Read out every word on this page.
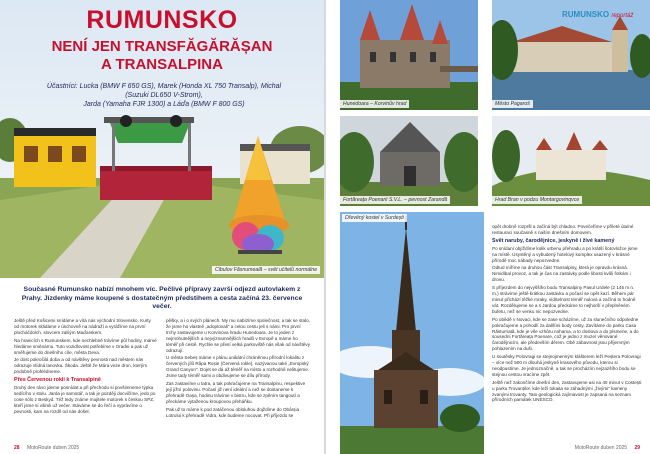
RUMUNSKO
NENÍ JEN TRANSFĂGĂRĂȘAN
A TRANSALPINA
Účastníci: Lucka (BMW F 650 GS), Marek (Honda XL 750 Transalp), Michal (Suzuki DL650 V-Strom),
Jarda (Yamaha FJR 1300) a Láďa (BMW F 800 GS)
Cibulov Făsnumeală – svět učitelů normálne
Současné Rumunsko nabízí mnohem víc. Pečlivé přípravy završí odjezd autovlakem z Prahy. Jízdenky máme koupené s dostatečným předstihem a cesta začíná 23. července večer.

Ještě před Košicemi snídáme a vítá nás východní Slovensko. Kurty od motorek sklidáme v úschovně na nádraží a vyrážíme na první plocháčdolch, slovcem zaliiým Maďarskem.

Na hranicích s Rumunskem, kde nechlebně trávíme půl hodiny, mámé hledáme směnárnu. Tuto vozidlovost potřebíme v Oradei a pak už směřujeme do dnešního cíle, města Deva.

Je dost pokročilá doba a od návštěvy pevnosti nad městem nás odrazuje vlídná lanovka. Škoda. Ještě že Mára veze dron, kterým podobně prohlédneme.

Přes Červenou rokli k Transalpině

Druhý den ráno jdeme posnídat a při přechodu si povšimneme týpka sedícího v stolu. Jarda je samotář, a tak je později docvičíme, jedo po cose sólo z Beskyd. Též tedy známe mujitele motorek s českou SPZ, kteří jsme si všimli už večer. Stáváme se do řečí a vyprávíme o pevnosti, kam na rozdíl od nás došel.

pěšky, a i o svých plánech. My mu nabízíme společnost, a tak se stalo, že jsme ho vlastně „adoptovali" a celou cestu jeli s námi. Pro první trchy zastavujeme u Korvinova hradu Hunedoara. Je to jeden z nejmohutnějších a nejvýznamnějších hradů v Evropě a máme ho téměř při cestě. Rychle se přesí velká parkoviště nás však od návštěvy odrazují.

U města Sebeș máme v plánu unikátní chráněnou přírodní lokalitu z červených jílů Râpa Roșie (Červená rokle), nazývanou také „Evropský Grand Canyon". Dojet se dá až téměř na místo a rozhodně nelitujeme. Jsme tady téměř sami a obdivujeme se dílu přírody.

Zas zastavíme u tatra, a tak pokračujeme na Transalpinu, respektive její jižní polovinu. Počasí již není ideální a než se dostaneme k přehradě Oașa, hodinu trávíme v bistru, kde se zpěním tangoutí a přeckáme vytaženou kroupovou přeháňku.

Pak už to máme k pod zatáčenou obloluhou dojždíme do Obârșia Lotrului k přehradě Vidra, kde budeme nocovat. Při příjezdu se

28 MotoRoute duben 2025
Hunedoara – Korvinův hrad	Město Pagaroš
RUMUNSKO reportáž
Fortăreața Poenarii S.V.L. – pevnost Zarandă	Hrad Bran v podzu Montargovinqvce
Dřevěný kostel v Surdești

opět drobně rozpršl a začíná být chladno. Povečeříme v příleté útulné restauraci současně s naším dnešním domovem.

Svět naruby, čarodějnice, jeskyně i živé kamený

Po snídaní objíždíme kolik urbenu přehradu a po krátší šotovložce jsme na místě. Úsystěný a vybudený hotelový komplex usazený v krásné přírodě moc nábady nepozvedne.

Odtud míříme na druhou část Transalpiny, která je opravdu krásná. Nimidibal provoz, a tak je čas na zastávky podle libosti kvůli fotkám i dronu.

S příjezdem do nejvyššího bodu Transalpiny Pasul Urdele (2 145 m n. m.) strávíme ještě krátkou zastávku a počasí se opět kazí. Během pár minut přichází těžké mraky, vídítelnost téměř nulová a začíná to hodně vát. Rozdělujeme se a s Jardou přeckáme to nejhorší v přeplněném bufetu, než se venku nic nepozvedne.

Po obědě v Novaci, kde se zase scházíme, už za slunečního odpoledne pokračujeme a pohodlí za dalšími body cesty. Zavítáme do parku Casa Răsturnată, kde je vše vzhůru nohama, a to doslova a do písmene, a do sousední Fortăreața Poenare, což je jedno z muzeí věnované čarodějnicím, ale především děrem. Obě zábavnost jsou příjemným pohlazením na duši.

U soutěsky Polovragi se stejnojmenným klášterem leží Peștera Polovragi – více než 500 m dlouhá jeskyně krasového původu, kterou si neodpustíme. Je jednoznačně, a tak se procházím nejzazšího bodu se stejnou cestou vracíme zpět.

Ještě než zakončíme dnešní den, zastavujeme asi na 40 minut v Costești u parku Trovanților, kde leží tokaita se záhadnými „živými" kameny zvanými trovanty. Tato geologická zajímavost je zapsaná na seznam přírodních památek UNESCO.

MotoRoute duben 2025 29
